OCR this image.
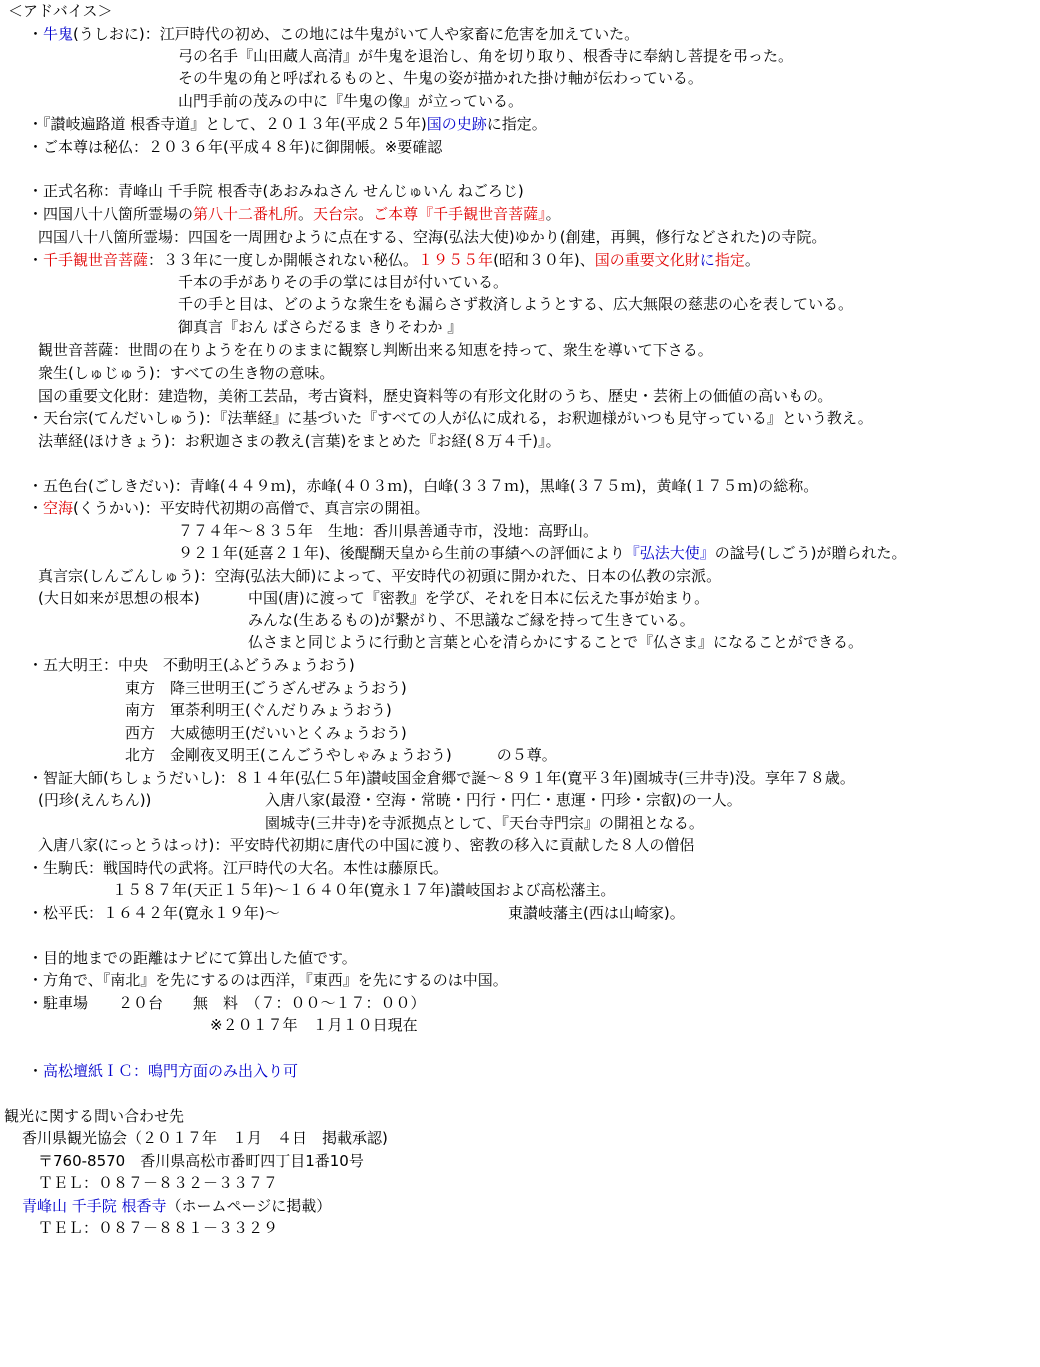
＜アドバイス＞
・牛鬼(うしおに)：江戸時代の初め、この地には牛鬼がいて人や家畜に危害を加えていた。
弓の名手『山田蔵人高清』が牛鬼を退治し、角を切り取り、根香寺に奉納し菩提を弔った。
その牛鬼の角と呼ばれるものと、牛鬼の姿が描かれた掛け軸が伝わっている。
山門手前の茂みの中に『牛鬼の像』が立っている。
・『讃岐遍路道 根香寺道』として、２０１３年(平成２５年)国の史跡に指定。
・ご本尊は秘仏：２０３６年(平成４８年)に御開帳。※要確認
・正式名称：青峰山 千手院 根香寺(あおみねさん せんじゅいん ねごろじ)
・四国八十八箇所霊場の第八十二番札所。天台宗。ご本尊『千手観世音菩薩』。
四国八十八箇所霊場：四国を一周囲むように点在する、空海(弘法大使)ゆかり(創建，再興，修行などされた)の寺院。
・千手観世音菩薩：３３年に一度しか開帳されない秘仏。１９５５年(昭和３０年)、国の重要文化財に指定。
千本の手がありその手の掌には目が付いている。
千の手と目は、どのような衆生をも漏らさず救済しようとする、広大無限の慈悲の心を表している。
御真言『おん ばさらだるま きりそわか 』
観世音菩薩：世間の在りようを在りのままに観察し判断出来る知恵を持って、衆生を導いて下さる。
衆生(しゅじゅう)：すべての生き物の意味。
国の重要文化財：建造物，美術工芸品，考古資料，歴史資料等の有形文化財のうち、歴史・芸術上の価値の高いもの。
・天台宗(てんだいしゅう)：『法華経』に基づいた『すべての人が仏に成れる，お釈迦様がいつも見守っている』という教え。
法華経(ほけきょう)：お釈迦さまの教え(言葉)をまとめた『お経(８万４千)』。
・五色台(ごしきだい)：青峰(４４９ｍ)，赤峰(４０３ｍ)，白峰(３３７ｍ)，黒峰(３７５ｍ)，黄峰(１７５ｍ)の総称。
・空海(くうかい)：平安時代初期の高僧で、真言宗の開祖。
７７４年～８３５年　生地：香川県善通寺市，没地：高野山。
９２１年(延喜２１年)、後醍醐天皇から生前の事績への評価により『弘法大使』の諡号(しごう)が贈られた。
真言宗(しんごんしゅう)：空海(弘法大師)によって、平安時代の初頭に開かれた、日本の仏教の宗派。
(大日如来が思想の根本)	中国(唐)に渡って『密教』を学び、それを日本に伝えた事が始まり。
みんな(生あるもの)が繋がり、不思議なご縁を持って生きている。
仏さまと同じように行動と言葉と心を清らかにすることで『仏さま』になることができる。
・五大明王：中央　不動明王(ふどうみょうおう)
東方　降三世明王(ごうざんぜみょうおう)
南方　軍荼利明王(ぐんだりみょうおう)
西方　大威徳明王(だいいとくみょうおう)
北方　金剛夜叉明王(こんごうやしゃみょうおう)　　　の５尊。
・智証大師(ちしょうだいし)：８１４年(弘仁５年)讃岐国金倉郷で誕～８９１年(寛平３年)園城寺(三井寺)没。享年７８歳。
(円珍(えんちん))	入唐八家(最澄・空海・常暁・円行・円仁・恵運・円珍・宗叡)の一人。
園城寺(三井寺)を寺派拠点として、『天台寺門宗』の開祖となる。
入唐八家(にっとうはっけ)：平安時代初期に唐代の中国に渡り、密教の移入に貢献した８人の僧侶
・生駒氏：戦国時代の武将。江戸時代の大名。本性は藤原氏。
１５８７年(天正１５年)～１６４０年(寛永１７年)讃岐国および高松藩主。
・松平氏：１６４２年(寛永１９年)～	東讃岐藩主(西は山崎家)。
・目的地までの距離はナビにて算出した値です。
・方角で、『南北』を先にするのは西洋，『東西』を先にするのは中国。
・駐車場　　２０台　　無　料　（７：００～１７：００）
※２０１７年　１月１０日現在
・高松壇紙ＩＣ：鳴門方面のみ出入り可
観光に関する問い合わせ先
香川県観光協会（２０１７年　１月　４日　掲載承認)
〒760-8570　香川県高松市番町四丁目1番10号
ＴＥＬ：０８７－８３２－３３７７
青峰山 千手院 根香寺（ホームページに掲載）
ＴＥＬ：０８７－８８１－３３２９
